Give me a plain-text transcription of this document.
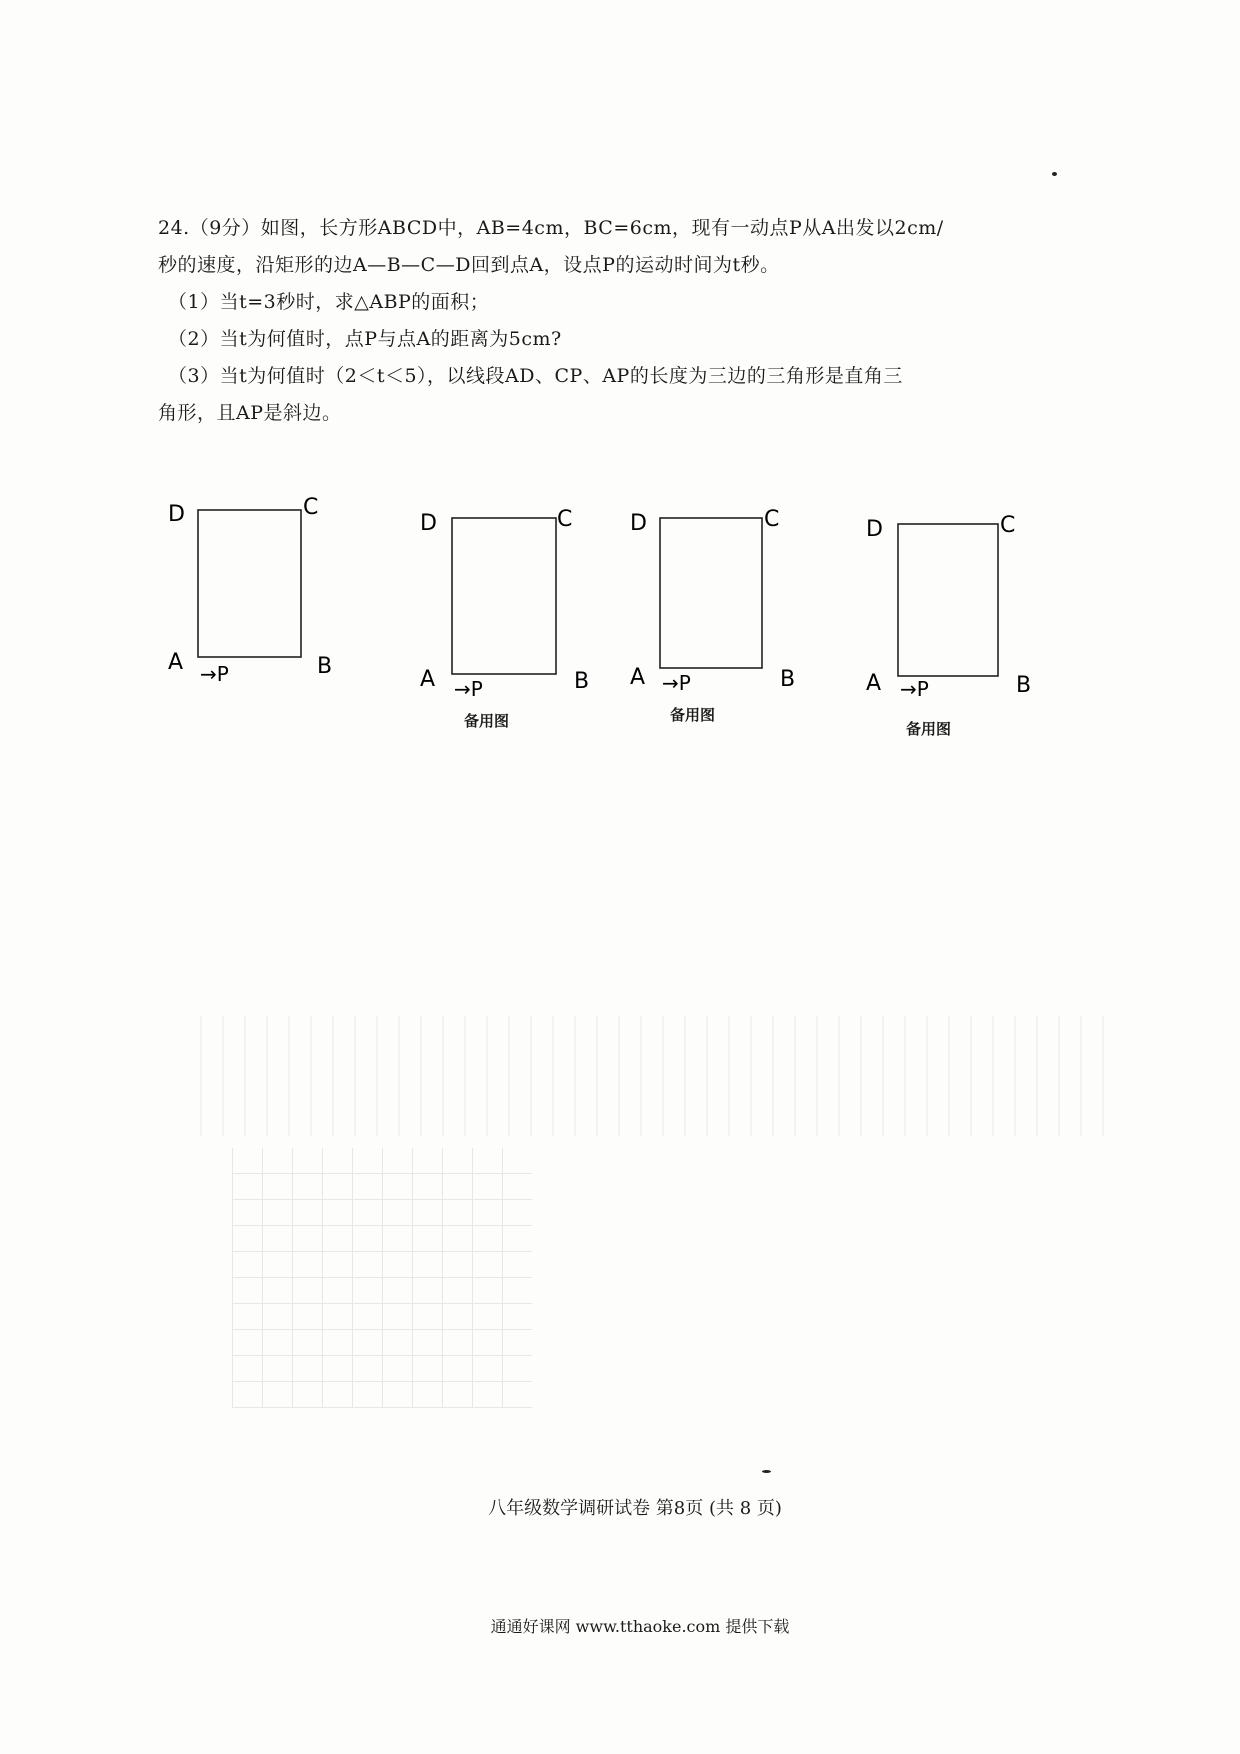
24.（9分）如图，长方形ABCD中，AB=4cm，BC=6cm，现有一动点P从A出发以2cm/
秒的速度，沿矩形的边A—B—C—D回到点A，设点P的运动时间为t秒。
（1）当t=3秒时，求△ABP的面积；
（2）当t为何值时，点P与点A的距离为5cm?
（3）当t为何值时（2＜t＜5），以线段AD、CP、AP的长度为三边的三角形是直角三
角形，且AP是斜边。
D	C
A	B
→P
D	C
A	B
→P
备用图
D	C
A	B
→P
备用图
D	C
A	B
→P
备用图
八年级数学调研试卷 第8页 (共 8 页)
通通好课网 www.tthaoke.com 提供下载
